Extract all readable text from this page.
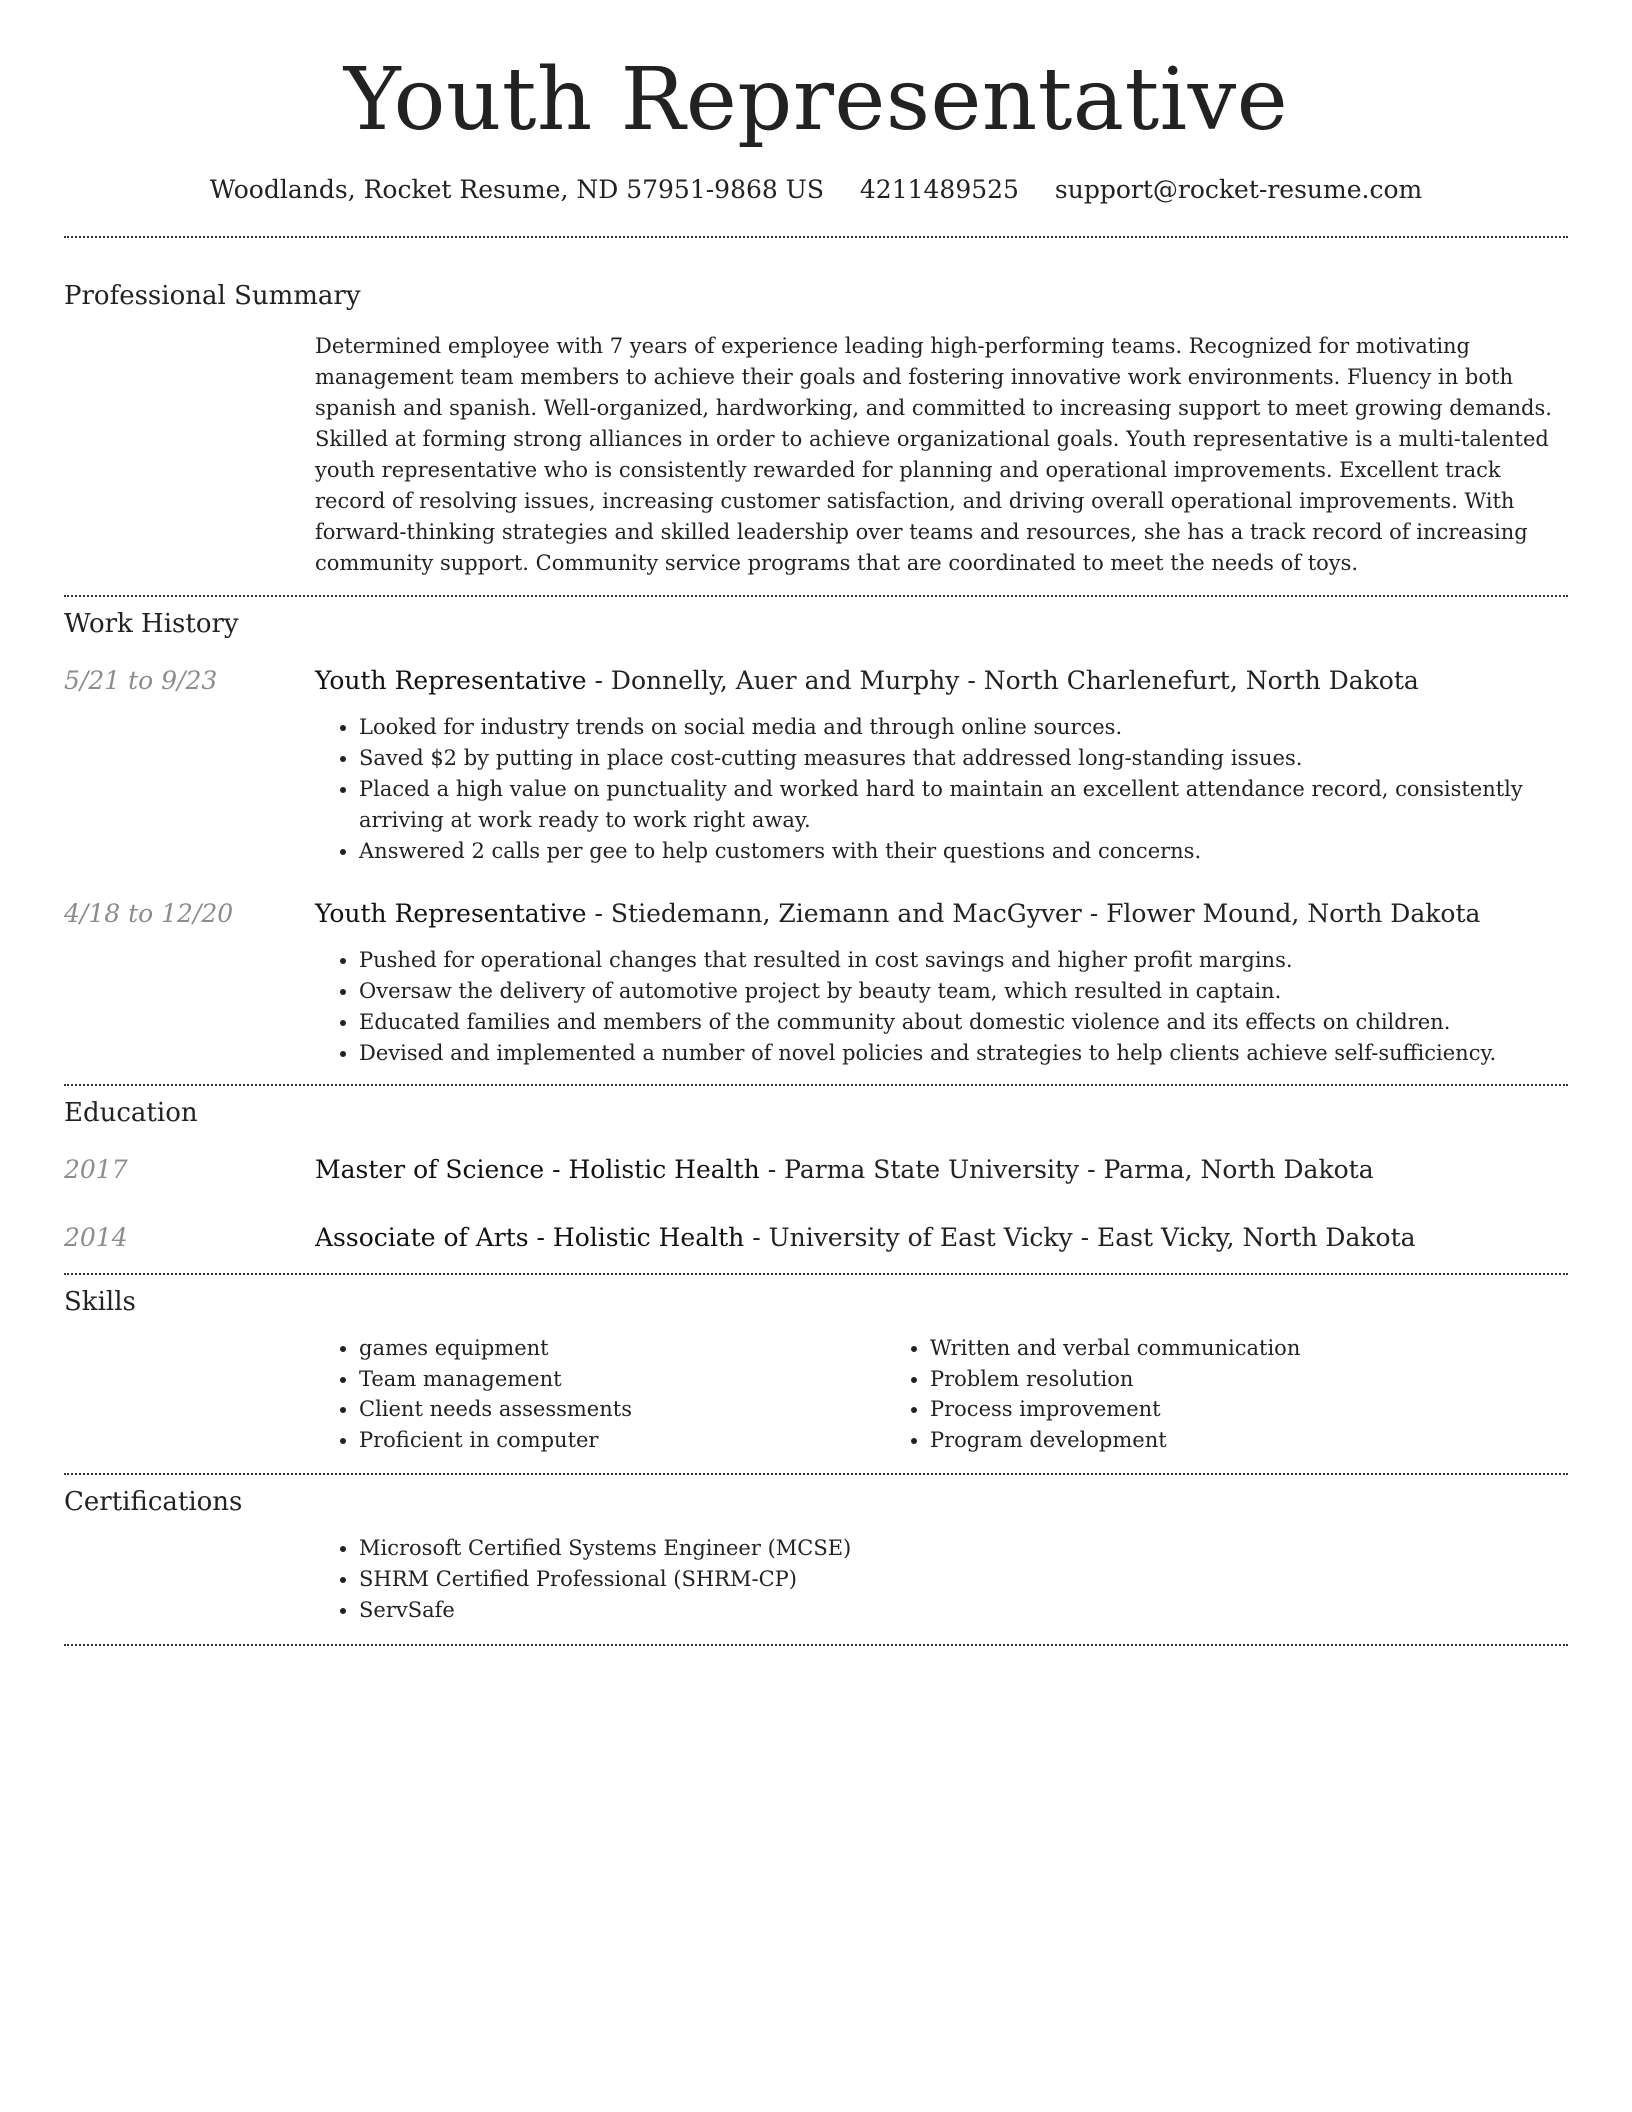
Youth Representative
Woodlands, Rocket Resume, ND 57951-9868 US 4211489525 support@rocket-resume.com
Professional Summary
Determined employee with 7 years of experience leading high-performing teams. Recognized for motivating management team members to achieve their goals and fostering innovative work environments. Fluency in both spanish and spanish. Well-organized, hardworking, and committed to increasing support to meet growing demands. Skilled at forming strong alliances in order to achieve organizational goals. Youth representative is a multi-talented youth representative who is consistently rewarded for planning and operational improvements. Excellent track record of resolving issues, increasing customer satisfaction, and driving overall operational improvements. With forward-thinking strategies and skilled leadership over teams and resources, she has a track record of increasing community support. Community service programs that are coordinated to meet the needs of toys.
Work History
5/21 to 9/23	Youth Representative - Donnelly, Auer and Murphy - North Charlenefurt, North Dakota
• Looked for industry trends on social media and through online sources.
• Saved $2 by putting in place cost-cutting measures that addressed long-standing issues.
• Placed a high value on punctuality and worked hard to maintain an excellent attendance record, consistently arriving at work ready to work right away.
• Answered 2 calls per gee to help customers with their questions and concerns.
4/18 to 12/20	Youth Representative - Stiedemann, Ziemann and MacGyver - Flower Mound, North Dakota
• Pushed for operational changes that resulted in cost savings and higher profit margins.
• Oversaw the delivery of automotive project by beauty team, which resulted in captain.
• Educated families and members of the community about domestic violence and its effects on children.
• Devised and implemented a number of novel policies and strategies to help clients achieve self-sufficiency.
Education
2017	Master of Science - Holistic Health - Parma State University - Parma, North Dakota
2014	Associate of Arts - Holistic Health - University of East Vicky - East Vicky, North Dakota
Skills
• games equipment
• Team management
• Client needs assessments
• Proficient in computer
• Written and verbal communication
• Problem resolution
• Process improvement
• Program development
Certifications
• Microsoft Certified Systems Engineer (MCSE)
• SHRM Certified Professional (SHRM-CP)
• ServSafe
